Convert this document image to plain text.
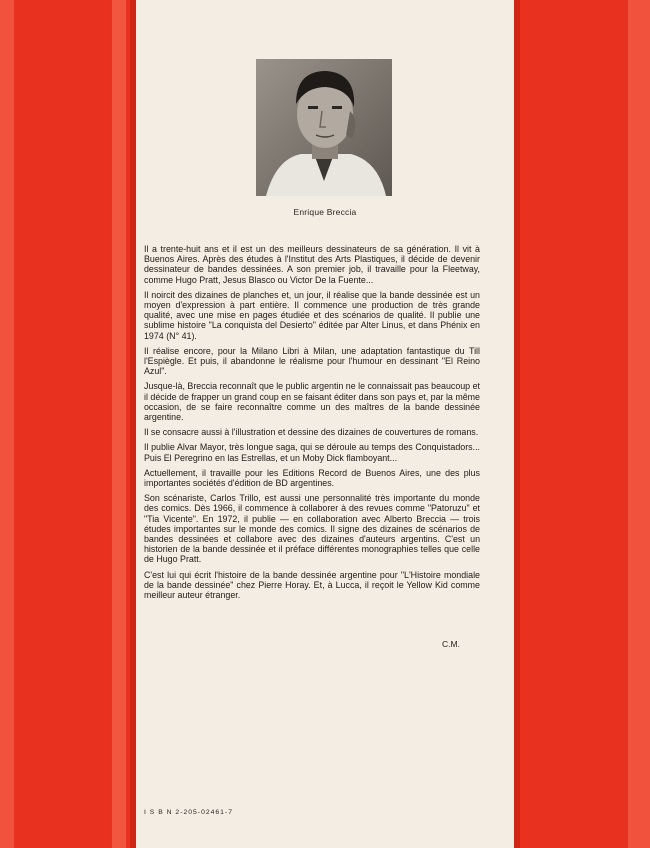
Enrique Breccia

Il a trente-huit ans et il est un des meilleurs dessinateurs de sa génération. Il vit à Buenos Aires. Après des études à l'Institut des Arts Plastiques, il décide de devenir dessinateur de bandes dessinées. A son premier job, il travaille pour la Fleetway, comme Hugo Pratt, Jesus Blasco ou Victor De la Fuente...

Il noircit des dizaines de planches et, un jour, il réalise que la bande dessinée est un moyen d'expression à part entière. Il commence une production de très grande qualité, avec une mise en pages étudiée et des scénarios de qualité. Il publie une sublime histoire "La conquista del Desierto" éditée par Alter Linus, et dans Phénix en 1974 (N° 41).

Il réalise encore, pour la Milano Libri à Milan, une adaptation fantastique du Till l'Espiègle. Et puis, il abandonne le réalisme pour l'humour en dessinant "El Reino Azul".

Jusque-là, Breccia reconnaît que le public argentin ne le connaissait pas beaucoup et il décide de frapper un grand coup en se faisant éditer dans son pays et, par la même occasion, de se faire reconnaître comme un des maîtres de la bande dessinée argentine.

Il se consacre aussi à l'illustration et dessine des dizaines de couvertures de romans.

Il publie Alvar Mayor, très longue saga, qui se déroule au temps des Conquistadors... Puis El Peregrino en las Estrellas, et un Moby Dick flamboyant...

Actuellement, il travaille pour les Editions Record de Buenos Aires, une des plus importantes sociétés d'édition de BD argentines.

Son scénariste, Carlos Trillo, est aussi une personnalité très importante du monde des comics. Dès 1966, il commence à collaborer à des revues comme "Patoruzu" et "Tia Vicente". En 1972, il publie — en collaboration avec Alberto Breccia — trois études importantes sur le monde des comics. Il signe des dizaines de scénarios de bandes dessinées et collabore avec des dizaines d'auteurs argentins. C'est un historien de la bande dessinée et il préface différentes monographies telles que celle de Hugo Pratt.

C'est lui qui écrit l'histoire de la bande dessinée argentine pour "L'Histoire mondiale de la bande dessinée" chez Pierre Horay. Et, à Lucca, il reçoit le Yellow Kid comme meilleur auteur étranger.

C.M.
I S B N 2-205-02461-7
